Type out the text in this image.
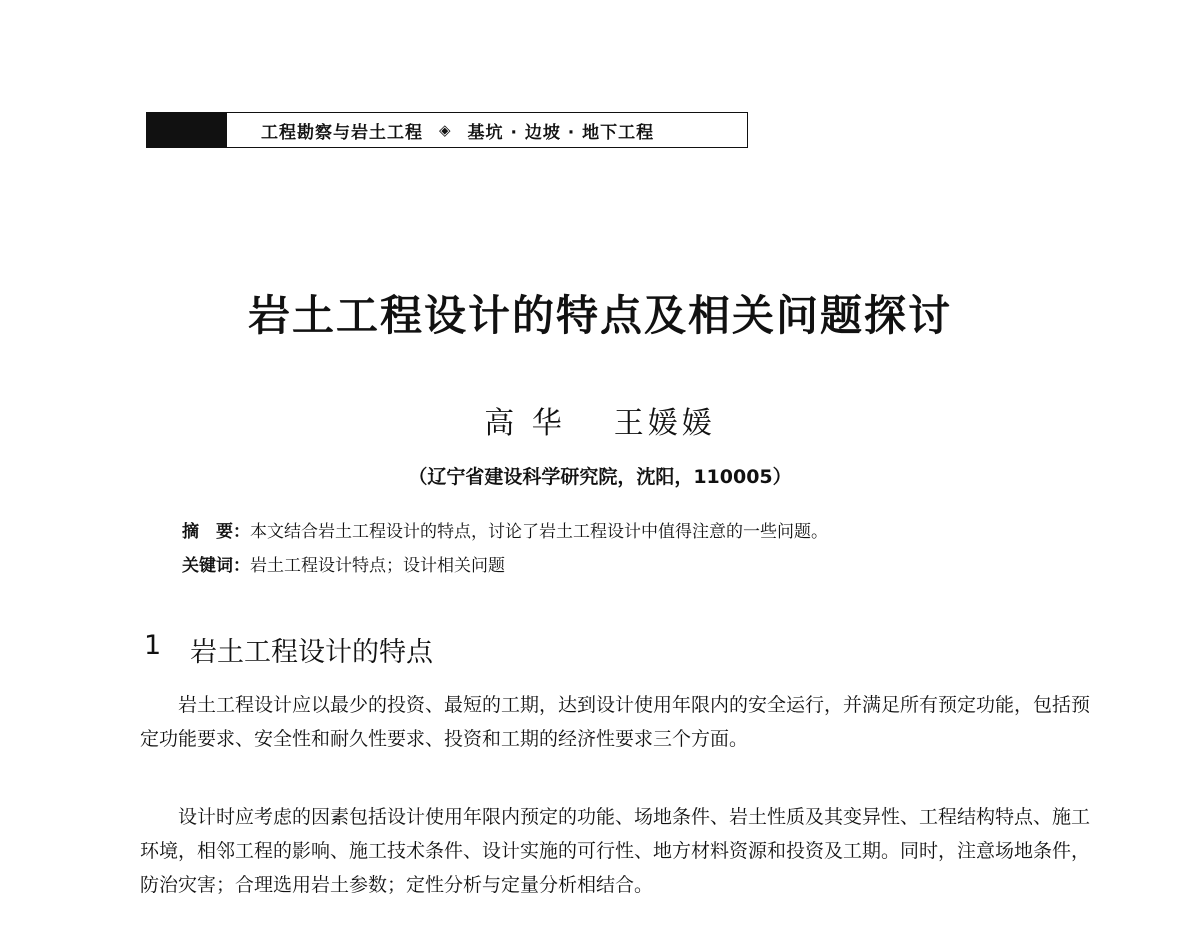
工程勘察与岩土工程 ◈ 基坑 · 边坡 · 地下工程
岩土工程设计的特点及相关问题探讨
高 华 王媛媛
（辽宁省建设科学研究院，沈阳，110005）
摘　要：本文结合岩土工程设计的特点，讨论了岩土工程设计中值得注意的一些问题。
关键词：岩土工程设计特点；设计相关问题
1	岩土工程设计的特点

岩土工程设计应以最少的投资、最短的工期，达到设计使用年限内的安全运行，并满足所有预定功能，包括预定功能要求、安全性和耐久性要求、投资和工期的经济性要求三个方面。

设计时应考虑的因素包括设计使用年限内预定的功能、场地条件、岩土性质及其变异性、工程结构特点、施工环境，相邻工程的影响、施工技术条件、设计实施的可行性、地方材料资源和投资及工期。同时，注意场地条件，防治灾害；合理选用岩土参数；定性分析与定量分析相结合。
